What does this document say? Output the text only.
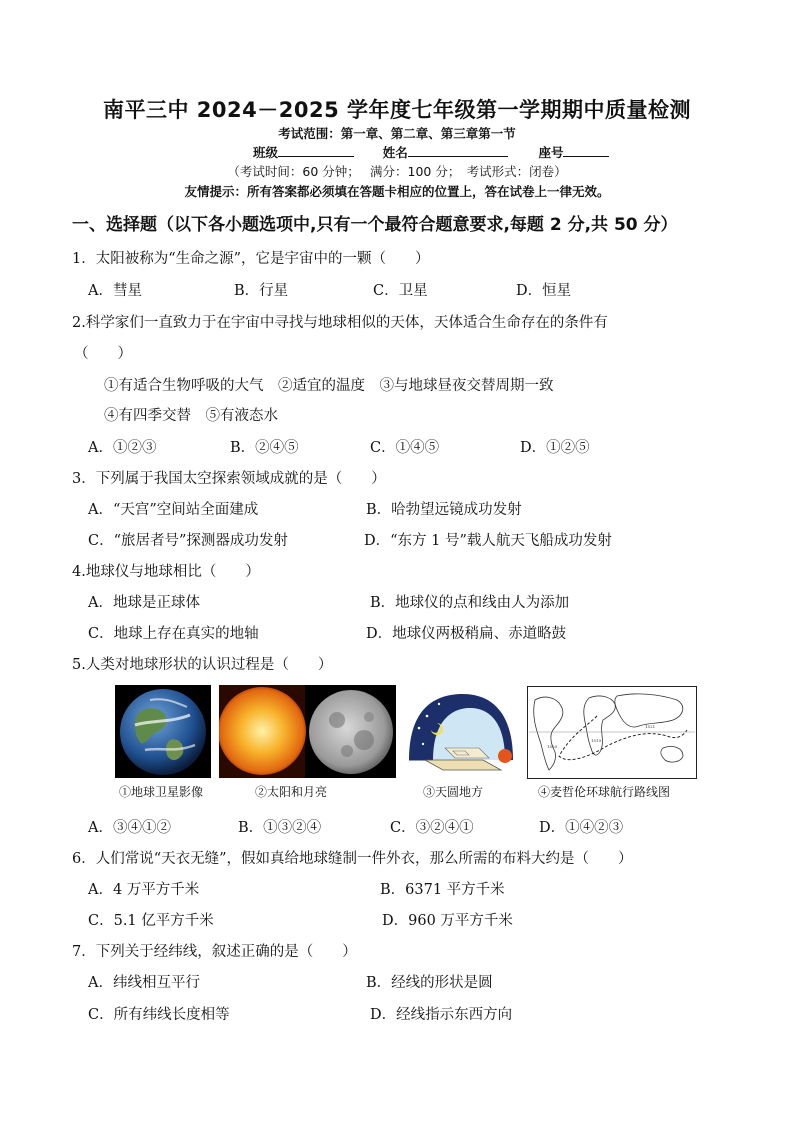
南平三中 2024－2025 学年度七年级第一学期期中质量检测
考试范围：第一章、第二章、第三章第一节
班级	姓名	座号
（考试时间：60 分钟；　 满分：100 分；　考试形式：闭卷）
友情提示：所有答案都必须填在答题卡相应的位置上，答在试卷上一律无效。
一、选择题（以下各小题选项中,只有一个最符合题意要求,每题 2 分,共 50 分）
1．太阳被称为“生命之源”，它是宇宙中的一颗（　　）
A．彗星	B．行星	C．卫星	D．恒星
2.科学家们一直致力于在宇宙中寻找与地球相似的天体，天体适合生命存在的条件有
（　　）
①有适合生物呼吸的大气　②适宜的温度　③与地球昼夜交替周期一致
④有四季交替　⑤有液态水
A．①②③	B．②④⑤	C．①④⑤	D．①②⑤
3．下列属于我国太空探索领域成就的是（　　）
A．“天宫”空间站全面建成	B．哈勃望远镜成功发射
C．“旅居者号”探测器成功发射	D．“东方 1 号”载人航天飞船成功发射
4.地球仪与地球相比（　　）
A．地球是正球体	B．地球仪的点和线由人为添加
C．地球上存在真实的地轴	D．地球仪两极稍扁、赤道略鼓
5.人类对地球形状的认识过程是（　　）
1519
1520
1521
①地球卫星影像	②太阳和月亮	③天圆地方	④麦哲伦环球航行路线图
A．③④①②	B．①③②④	C．③②④①	D．①④②③
6．人们常说“天衣无缝”，假如真给地球缝制一件外衣，那么所需的布料大约是（　　）
A．4 万平方千米	B．6371 平方千米
C．5.1 亿平方千米	D．960 万平方千米
7．下列关于经纬线，叙述正确的是（　　）
A．纬线相互平行	B．经线的形状是圆
C．所有纬线长度相等	D．经线指示东西方向
